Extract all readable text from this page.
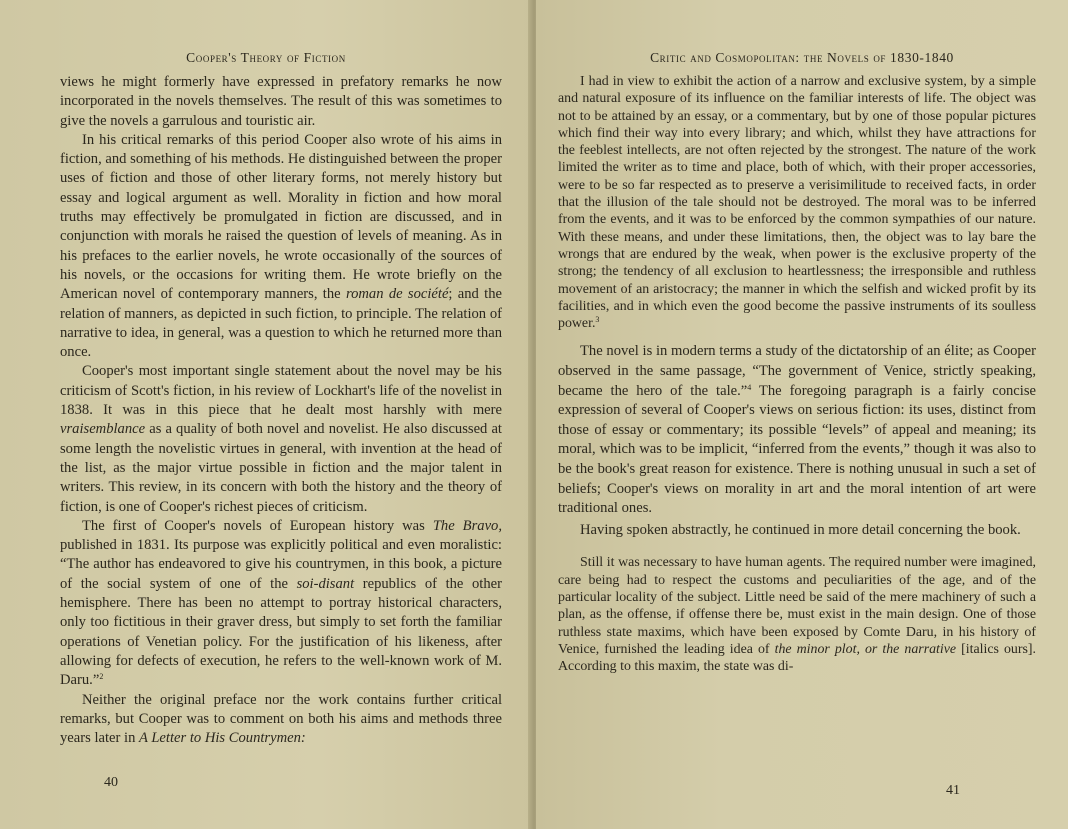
Cooper's Theory of Fiction

views he might formerly have expressed in prefatory remarks he now incorporated in the novels themselves. The result of this was sometimes to give the novels a garrulous and touristic air.

In his critical remarks of this period Cooper also wrote of his aims in fiction, and something of his methods. He distinguished between the proper uses of fiction and those of other literary forms, not merely history but essay and logical argument as well. Morality in fiction and how moral truths may effectively be promulgated in fiction are discussed, and in conjunction with morals he raised the question of levels of meaning. As in his prefaces to the earlier novels, he wrote occasionally of the sources of his novels, or the occasions for writing them. He wrote briefly on the American novel of contemporary manners, the roman de société; and the relation of manners, as depicted in such fiction, to principle. The relation of narrative to idea, in general, was a question to which he returned more than once.

Cooper's most important single statement about the novel may be his criticism of Scott's fiction, in his review of Lockhart's life of the novelist in 1838. It was in this piece that he dealt most harshly with mere vraisemblance as a quality of both novel and novelist. He also discussed at some length the novelistic virtues in general, with invention at the head of the list, as the major virtue possible in fiction and the major talent in writers. This review, in its concern with both the history and the theory of fiction, is one of Cooper's richest pieces of criticism.

The first of Cooper's novels of European history was The Bravo, published in 1831. Its purpose was explicitly political and even moralistic: “The author has endeavored to give his countrymen, in this book, a picture of the social system of one of the soi-disant republics of the other hemisphere. There has been no attempt to portray historical characters, only too fictitious in their graver dress, but simply to set forth the familiar operations of Venetian policy. For the justification of his likeness, after allowing for defects of execution, he refers to the well-known work of M. Daru.”$^2$

Neither the original preface nor the work contains further critical remarks, but Cooper was to comment on both his aims and methods three years later in A Letter to His Countrymen:

40
Critic and Cosmopolitan: the Novels of 1830-1840

I had in view to exhibit the action of a narrow and exclusive system, by a simple and natural exposure of its influence on the familiar interests of life. The object was not to be attained by an essay, or a commentary, but by one of those popular pictures which find their way into every library; and which, whilst they have attractions for the feeblest intellects, are not often rejected by the strongest. The nature of the work limited the writer as to time and place, both of which, with their proper accessories, were to be so far respected as to preserve a verisimilitude to received facts, in order that the illusion of the tale should not be destroyed. The moral was to be inferred from the events, and it was to be enforced by the common sympathies of our nature. With these means, and under these limitations, then, the object was to lay bare the wrongs that are endured by the weak, when power is the exclusive property of the strong; the tendency of all exclusion to heartlessness; the irresponsible and ruthless movement of an aristocracy; the manner in which the selfish and wicked profit by its facilities, and in which even the good become the passive instruments of its soulless power.$^3$

The novel is in modern terms a study of the dictatorship of an élite; as Cooper observed in the same passage, “The government of Venice, strictly speaking, became the hero of the tale.”$^4$ The foregoing paragraph is a fairly concise expression of several of Cooper's views on serious fiction: its uses, distinct from those of essay or commentary; its possible “levels” of appeal and meaning; its moral, which was to be implicit, “inferred from the events,” though it was also to be the book's great reason for existence. There is nothing unusual in such a set of beliefs; Cooper's views on morality in art and the moral intention of art were traditional ones.

Having spoken abstractly, he continued in more detail concerning the book.

Still it was necessary to have human agents. The required number were imagined, care being had to respect the customs and peculiarities of the age, and of the particular locality of the subject. Little need be said of the mere machinery of such a plan, as the offense, if offense there be, must exist in the main design. One of those ruthless state maxims, which have been exposed by Comte Daru, in his history of Venice, furnished the leading idea of the minor plot, or the narrative [italics ours]. According to this maxim, the state was di-

41
